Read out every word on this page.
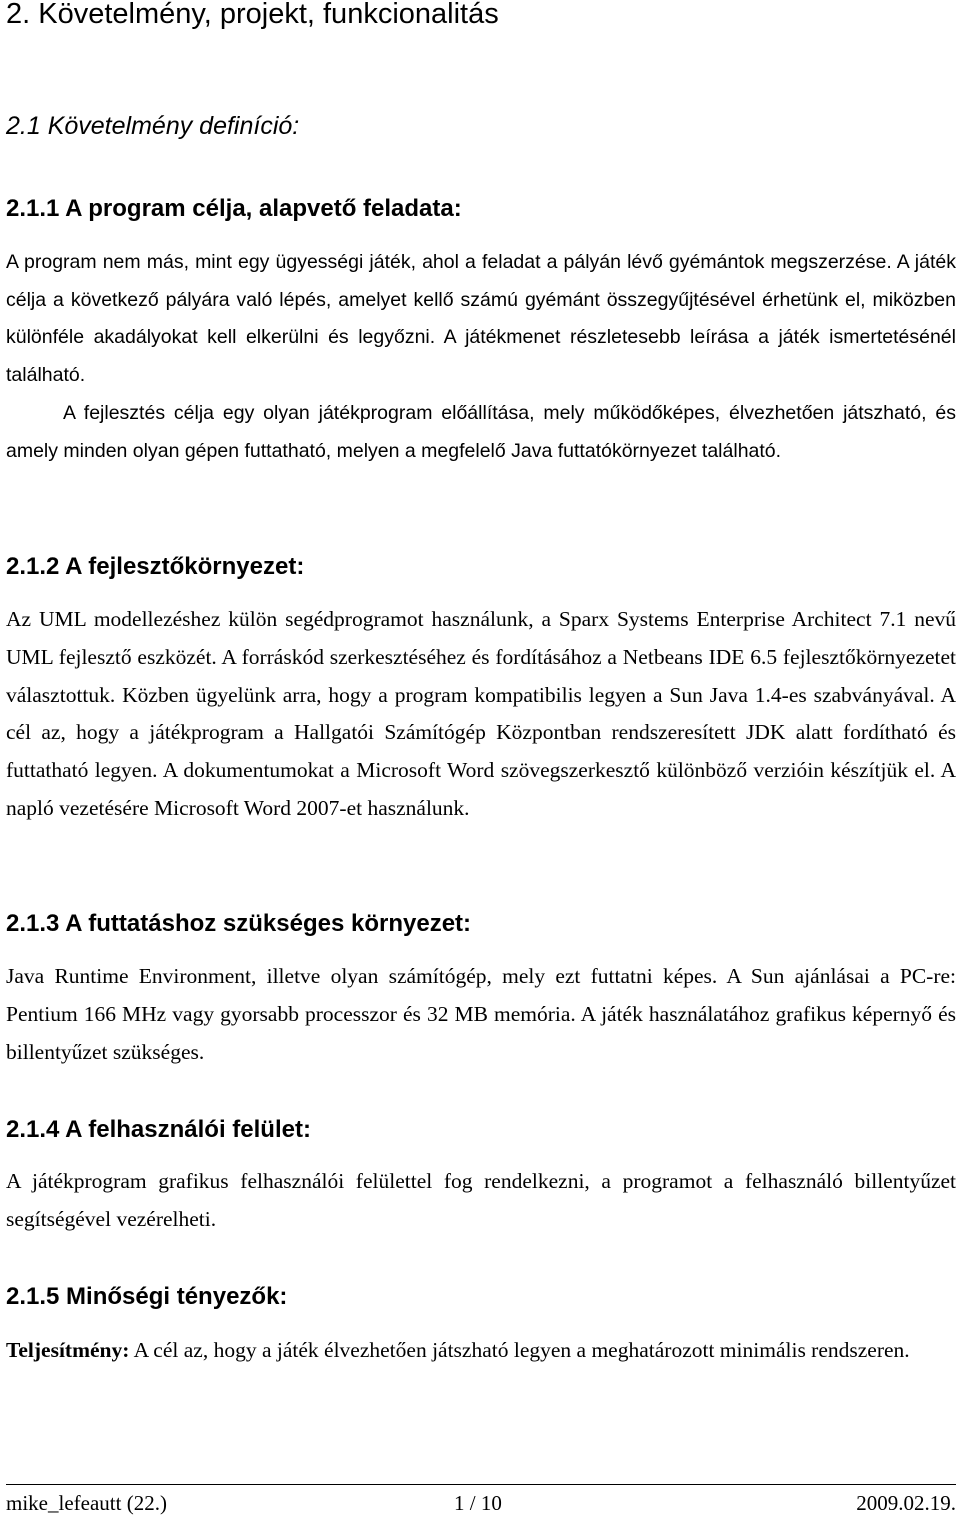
2. Követelmény, projekt, funkcionalitás
2.1 Követelmény definíció:
2.1.1 A program célja, alapvető feladata:
A program nem más, mint egy ügyességi játék, ahol a feladat a pályán lévő gyémántok megszerzése. A játék célja a következő pályára való lépés, amelyet kellő számú gyémánt összegyűjtésével érhetünk el, miközben különféle akadályokat kell elkerülni és legyőzni. A játékmenet részletesebb leírása a játék ismertetésénél található.
A fejlesztés célja egy olyan játékprogram előállítása, mely működőképes, élvezhetően játszható, és amely minden olyan gépen futtatható, melyen a megfelelő Java futtatókörnyezet található.
2.1.2 A fejlesztőkörnyezet:
Az UML modellezéshez külön segédprogramot használunk, a Sparx Systems Enterprise Architect 7.1 nevű UML fejlesztő eszközét. A forráskód szerkesztéséhez és fordításához a Netbeans IDE 6.5 fejlesztőkörnyezetet választottuk. Közben ügyelünk arra, hogy a program kompatibilis legyen a Sun Java 1.4-es szabványával. A cél az, hogy a játékprogram a Hallgatói Számítógép Központban rendszeresített JDK alatt fordítható és futtatható legyen. A dokumentumokat a Microsoft Word szövegszerkesztő különböző verzióin készítjük el. A napló vezetésére Microsoft Word 2007-et használunk.
2.1.3 A futtatáshoz szükséges környezet:
Java Runtime Environment, illetve olyan számítógép, mely ezt futtatni képes. A Sun ajánlásai a PC-re: Pentium 166 MHz vagy gyorsabb processzor és 32 MB memória. A játék használatához grafikus képernyő és billentyűzet szükséges.
2.1.4 A felhasználói felület:
A játékprogram grafikus felhasználói felülettel fog rendelkezni, a programot a felhasználó billentyűzet segítségével vezérelheti.
2.1.5 Minőségi tényezők:
Teljesítmény: A cél az, hogy a játék élvezhetően játszható legyen a meghatározott minimális rendszeren.
mike_lefeautt (22.)	1 / 10	2009.02.19.
